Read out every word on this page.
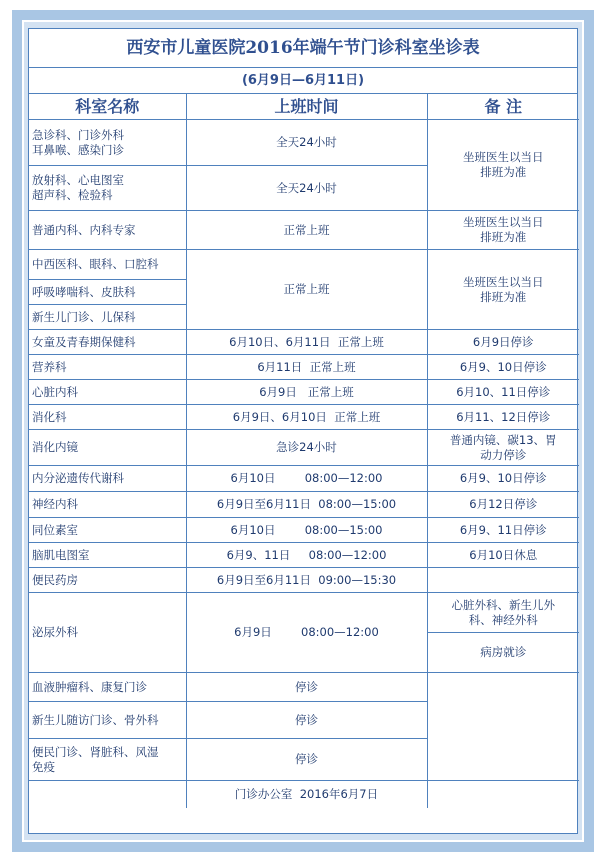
西安市儿童医院2016年端午节门诊科室坐诊表
(6月9日—6月11日)
科室名称	上班时间	备 注
急诊科、门诊外科
耳鼻喉、感染门诊	全天24小时	坐班医生以当日
排班为准
放射科、心电图室
超声科、检验科	全天24小时	
普通内科、内科专家	正常上班	坐班医生以当日
排班为准
中西医科、眼科、口腔科	正常上班	坐班医生以当日
排班为准
呼吸哮喘科、皮肤科		
新生儿门诊、儿保科		
女童及青春期保健科	6月10日、6月11日  正常上班	6月9日停诊
营养科	6月11日  正常上班	6月9、10日停诊
心脏内科	6月9日   正常上班	6月10、11日停诊
消化科	6月9日、6月10日  正常上班	6月11、12日停诊
消化内镜	急诊24小时	普通内镜、碳13、胃
动力停诊
内分泌遗传代谢科	6月10日        08:00—12:00	6月9、10日停诊
神经内科	6月9日至6月11日  08:00—15:00	6月12日停诊
同位素室	6月10日        08:00—15:00	6月9、11日停诊
脑肌电图室	6月9、11日     08:00—12:00	6月10日休息
便民药房	6月9日至6月11日  09:00—15:30	
泌尿外科	6月9日        08:00—12:00	心脏外科、新生儿外
科、神经外科
		病房就诊
血液肿瘤科、康复门诊	停诊	
新生儿随访门诊、骨外科	停诊	
便民门诊、肾脏科、风湿
免疫	停诊	
	门诊办公室  2016年6月7日	
